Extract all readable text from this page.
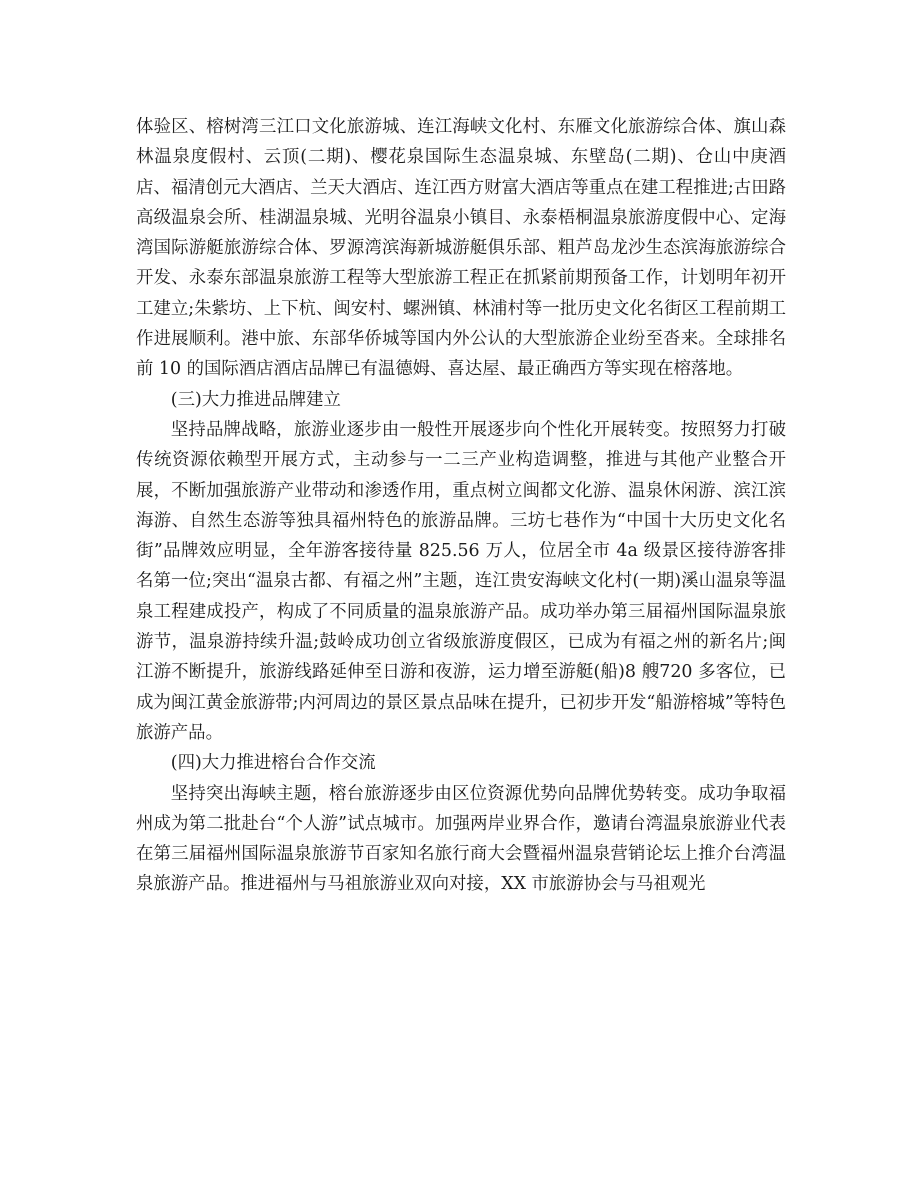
体验区、榕树湾三江口文化旅游城、连江海峡文化村、东雁文化旅游综合体、旗山森林温泉度假村、云顶(二期)、樱花泉国际生态温泉城、东壁岛(二期)、仓山中庚酒店、福清创元大酒店、兰天大酒店、连江西方财富大酒店等重点在建工程推进;古田路高级温泉会所、桂湖温泉城、光明谷温泉小镇目、永泰梧桐温泉旅游度假中心、定海湾国际游艇旅游综合体、罗源湾滨海新城游艇俱乐部、粗芦岛龙沙生态滨海旅游综合开发、永泰东部温泉旅游工程等大型旅游工程正在抓紧前期预备工作，计划明年初开工建立;朱紫坊、上下杭、闽安村、螺洲镇、林浦村等一批历史文化名街区工程前期工作进展顺利。港中旅、东部华侨城等国内外公认的大型旅游企业纷至沓来。全球排名前 10 的国际酒店酒店品牌已有温德姆、喜达屋、最正确西方等实现在榕落地。

(三)大力推进品牌建立

坚持品牌战略，旅游业逐步由一般性开展逐步向个性化开展转变。按照努力打破传统资源依赖型开展方式，主动参与一二三产业构造调整，推进与其他产业整合开展，不断加强旅游产业带动和渗透作用，重点树立闽都文化游、温泉休闲游、滨江滨海游、自然生态游等独具福州特色的旅游品牌。三坊七巷作为“中国十大历史文化名街”品牌效应明显，全年游客接待量 825.56 万人，位居全市 4a 级景区接待游客排名第一位;突出“温泉古都、有福之州”主题，连江贵安海峡文化村(一期)溪山温泉等温泉工程建成投产，构成了不同质量的温泉旅游产品。成功举办第三届福州国际温泉旅游节，温泉游持续升温;鼓岭成功创立省级旅游度假区，已成为有福之州的新名片;闽江游不断提升，旅游线路延伸至日游和夜游，运力增至游艇(船)8 艘720 多客位，已成为闽江黄金旅游带;内河周边的景区景点品味在提升，已初步开发“船游榕城”等特色旅游产品。

(四)大力推进榕台合作交流

坚持突出海峡主题，榕台旅游逐步由区位资源优势向品牌优势转变。成功争取福州成为第二批赴台“个人游”试点城市。加强两岸业界合作，邀请台湾温泉旅游业代表在第三届福州国际温泉旅游节百家知名旅行商大会暨福州温泉营销论坛上推介台湾温泉旅游产品。推进福州与马祖旅游业双向对接，XX 市旅游协会与马祖观光
